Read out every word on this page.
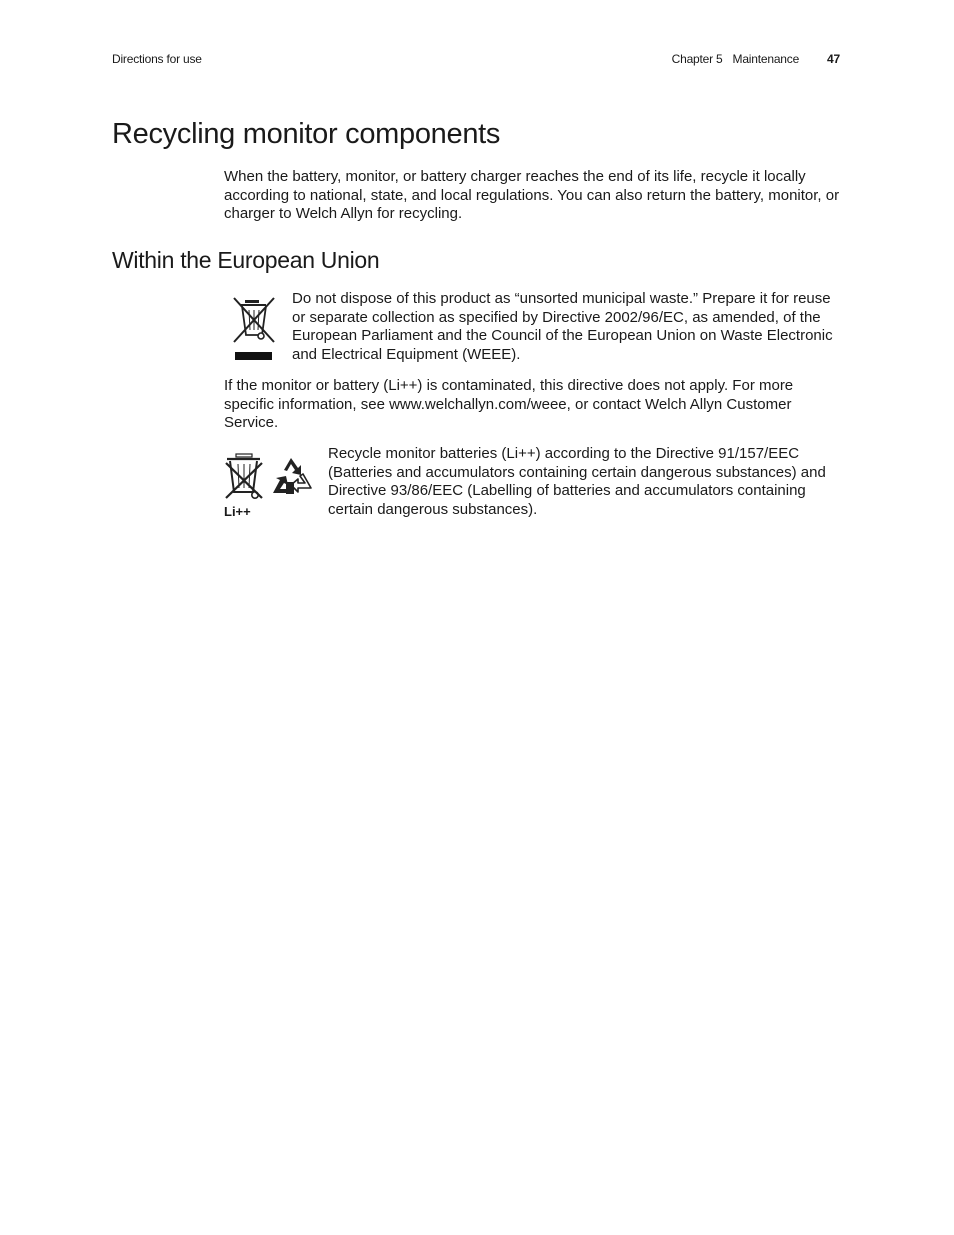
Directions for use	Chapter 5 Maintenance 47
Recycling monitor components

When the battery, monitor, or battery charger reaches the end of its life, recycle it locally according to national, state, and local regulations. You can also return the battery, monitor, or charger to Welch Allyn for recycling.

Within the European Union

Do not dispose of this product as “unsorted municipal waste.” Prepare it for reuse or separate collection as specified by Directive 2002/96/EC, as amended, of the European Parliament and the Council of the European Union on Waste Electronic and Electrical Equipment (WEEE).

If the monitor or battery (Li++) is contaminated, this directive does not apply. For more specific information, see www.welchallyn.com/weee, or contact Welch Allyn Customer Service.

Li++

Recycle monitor batteries (Li++) according to the Directive 91/157/EEC (Batteries and accumulators containing certain dangerous substances) and Directive 93/86/EEC (Labelling of batteries and accumulators containing certain dangerous substances).
